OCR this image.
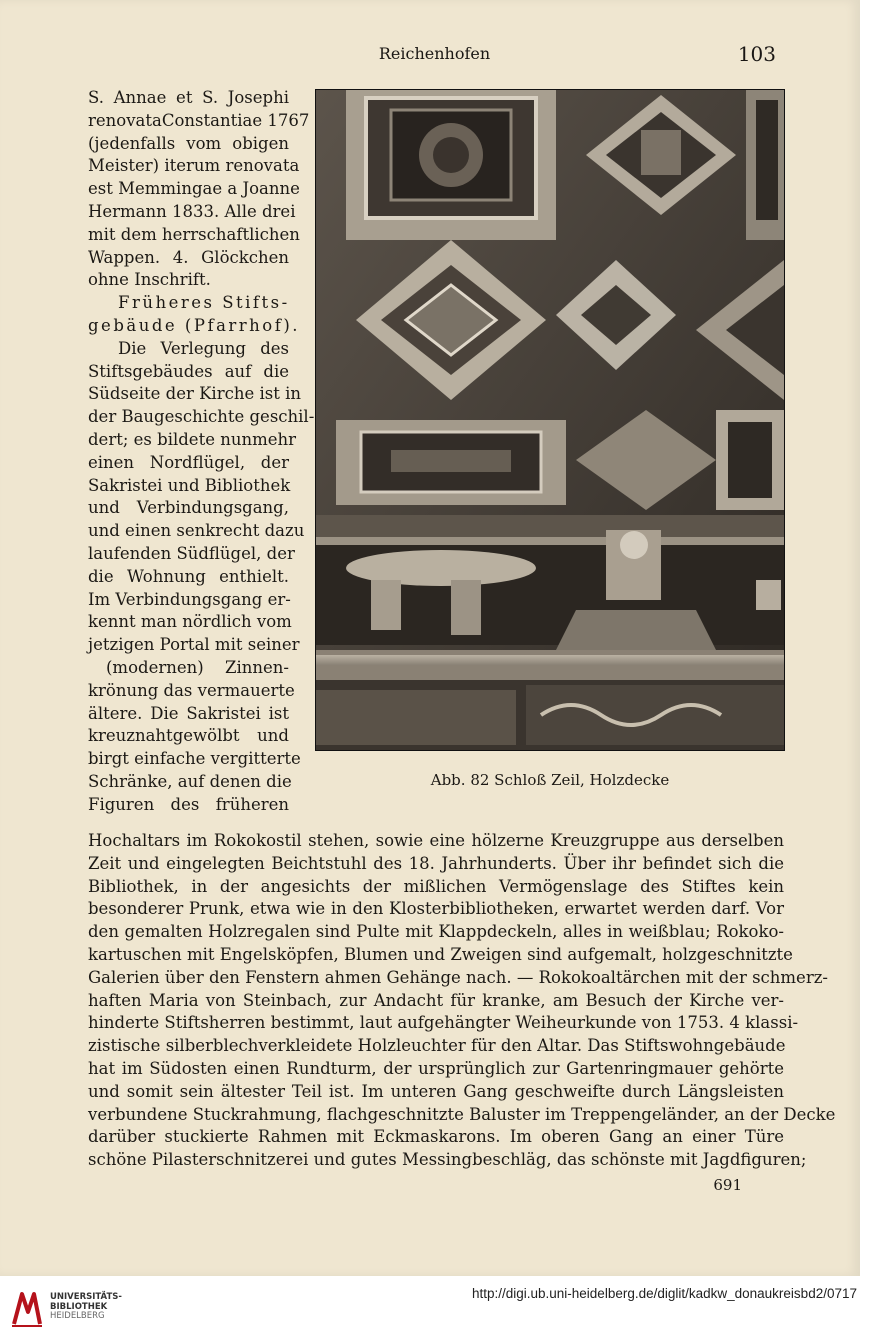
Reichenhofen	103
S. Annae et S. Josephi
renovataConstantiae 1767
(jedenfalls vom obigen
Meister) iterum renovata
est Memmingae a Joanne
Hermann 1833. Alle drei
mit dem herrschaftlichen
Wappen. 4. Glöckchen
ohne Inschrift.
Früheres Stifts-
gebäude (Pfarrhof).
Die Verlegung des
Stiftsgebäudes auf die
Südseite der Kirche ist in
der Baugeschichte geschil-
dert; es bildete nunmehr
einen Nordflügel, der
Sakristei und Bibliothek
und Verbindungsgang,
und einen senkrecht dazu
laufenden Südflügel, der
die Wohnung enthielt.
Im Verbindungsgang er-
kennt man nördlich vom
jetzigen Portal mit seiner
(modernen) Zinnen-
krönung das vermauerte
ältere. Die Sakristei ist
kreuznahtgewölbt und
birgt einfache vergitterte
Schränke, auf denen die
Figuren des früheren
Abb. 82 Schloß Zeil, Holzdecke
Hochaltars im Rokokostil stehen, sowie eine hölzerne Kreuzgruppe aus derselben
Zeit und eingelegten Beichtstuhl des 18. Jahrhunderts. Über ihr befindet sich die
Bibliothek, in der angesichts der mißlichen Vermögenslage des Stiftes kein
besonderer Prunk, etwa wie in den Klosterbibliotheken, erwartet werden darf. Vor
den gemalten Holzregalen sind Pulte mit Klappdeckeln, alles in weißblau; Rokoko-
kartuschen mit Engelsköpfen, Blumen und Zweigen sind aufgemalt, holzgeschnitzte
Galerien über den Fenstern ahmen Gehänge nach. — Rokokoaltärchen mit der schmerz-
haften Maria von Steinbach, zur Andacht für kranke, am Besuch der Kirche ver-
hinderte Stiftsherren bestimmt, laut aufgehängter Weiheurkunde von 1753. 4 klassi-
zistische silberblechverkleidete Holzleuchter für den Altar. Das Stiftswohngebäude
hat im Südosten einen Rundturm, der ursprünglich zur Gartenringmauer gehörte
und somit sein ältester Teil ist. Im unteren Gang geschweifte durch Längsleisten
verbundene Stuckrahmung, flachgeschnitzte Baluster im Treppengeländer, an der Decke
darüber stuckierte Rahmen mit Eckmaskarons. Im oberen Gang an einer Türe
schöne Pilasterschnitzerei und gutes Messingbeschläg, das schönste mit Jagdfiguren;
691
UNIVERSITÄTS-
BIBLIOTHEK
HEIDELBERG
http://digi.ub.uni-heidelberg.de/diglit/kadkw_donaukreisbd2/0717
